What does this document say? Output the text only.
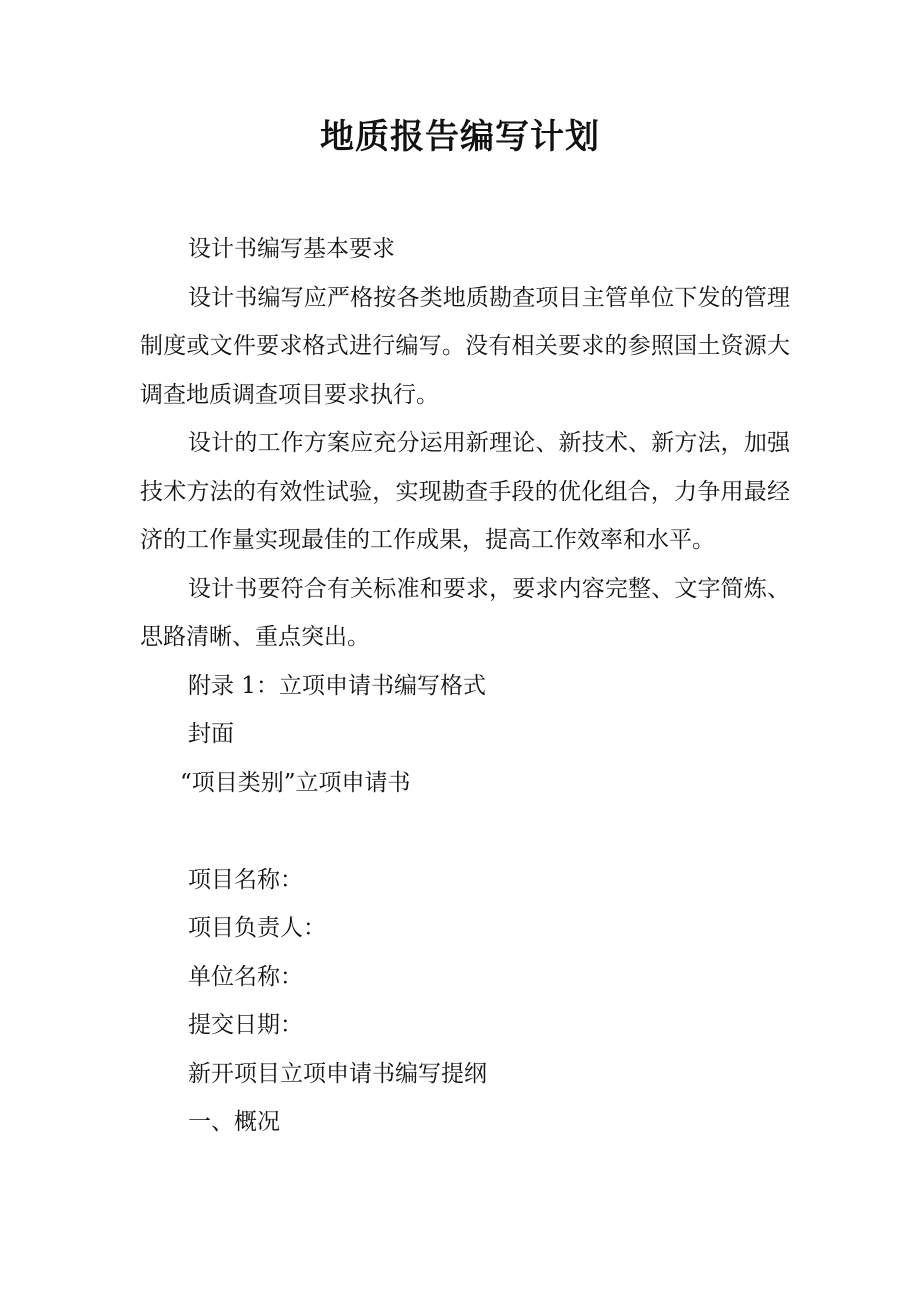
地质报告编写计划

设计书编写基本要求

设计书编写应严格按各类地质勘查项目主管单位下发的管理制度或文件要求格式进行编写。没有相关要求的参照国土资源大调查地质调查项目要求执行。

设计的工作方案应充分运用新理论、新技术、新方法，加强技术方法的有效性试验，实现勘查手段的优化组合，力争用最经济的工作量实现最佳的工作成果，提高工作效率和水平。

设计书要符合有关标准和要求，要求内容完整、文字简炼、思路清晰、重点突出。

附录 1：立项申请书编写格式

封面

“项目类别”立项申请书

项目名称：

项目负责人：

单位名称：

提交日期：

新开项目立项申请书编写提纲

一、概况
